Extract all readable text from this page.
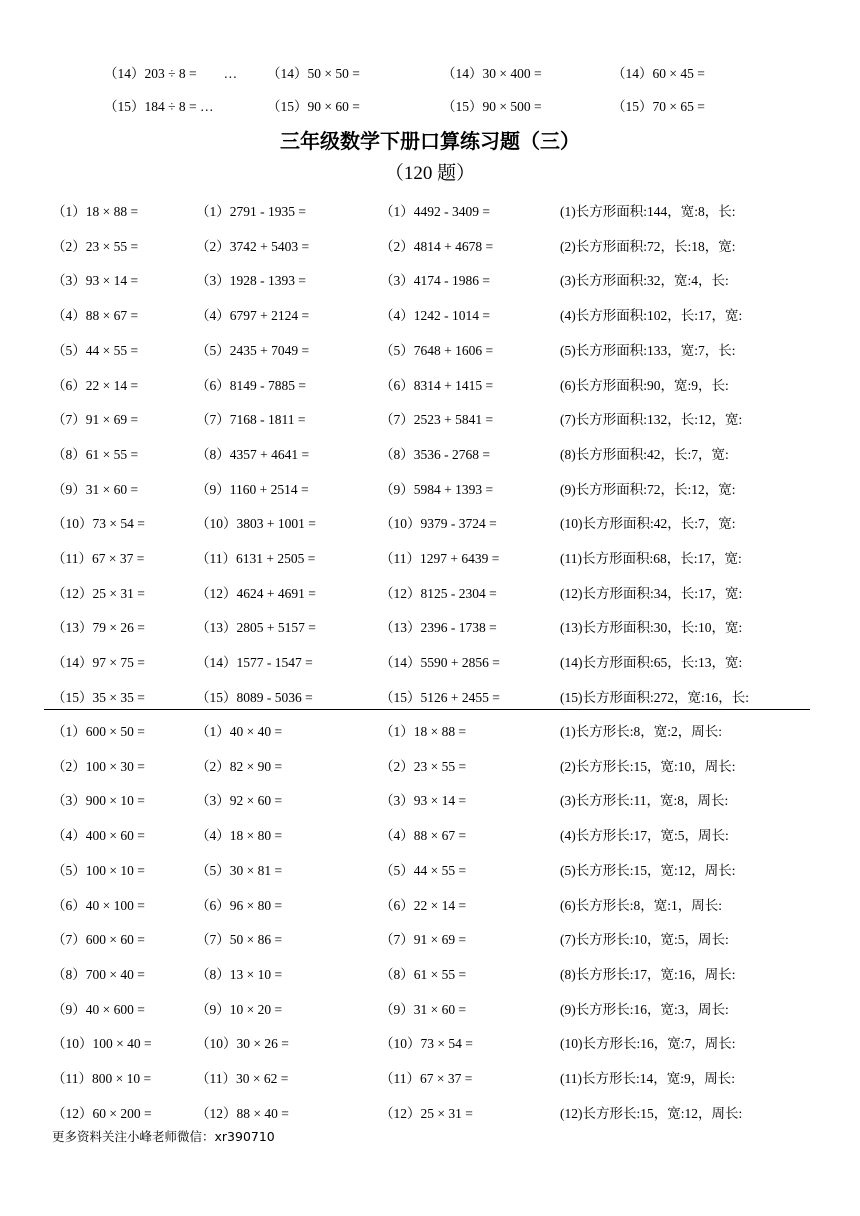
（14）203 ÷ 8 =　　… （14）50 × 50 =	（14）30 × 400 =	（14）60 × 45 =
（15）184 ÷ 8 = …	（15）90 × 60 =	（15）90 × 500 =	（15）70 × 65 =
三年级数学下册口算练习题（三）
（120 题）
（1）18 × 88 =	（1）2791 - 1935 =	（1）4492 - 3409 =	(1)长方形面积:144，宽:8，长:
（2）23 × 55 =	（2）3742 + 5403 =	（2）4814 + 4678 =	(2)长方形面积:72，长:18，宽:
（3）93 × 14 =	（3）1928 - 1393 =	（3）4174 - 1986 =	(3)长方形面积:32，宽:4，长:
（4）88 × 67 =	（4）6797 + 2124 =	（4）1242 - 1014 =	(4)长方形面积:102，长:17，宽:
（5）44 × 55 =	（5）2435 + 7049 =	（5）7648 + 1606 =	(5)长方形面积:133，宽:7，长:
（6）22 × 14 =	（6）8149 - 7885 =	（6）8314 + 1415 =	(6)长方形面积:90，宽:9，长:
（7）91 × 69 =	（7）7168 - 1811 =	（7）2523 + 5841 =	(7)长方形面积:132，长:12，宽:
（8）61 × 55 =	（8）4357 + 4641 =	（8）3536 - 2768 =	(8)长方形面积:42，长:7，宽:
（9）31 × 60 =	（9）1160 + 2514 =	（9）5984 + 1393 =	(9)长方形面积:72，长:12，宽:
（10）73 × 54 =	（10）3803 + 1001 =	（10）9379 - 3724 =	(10)长方形面积:42，长:7，宽:
（11）67 × 37 =	（11）6131 + 2505 =	（11）1297 + 6439 =	(11)长方形面积:68，长:17，宽:
（12）25 × 31 =	（12）4624 + 4691 =	（12）8125 - 2304 =	(12)长方形面积:34，长:17，宽:
（13）79 × 26 =	（13）2805 + 5157 =	（13）2396 - 1738 =	(13)长方形面积:30，长:10，宽:
（14）97 × 75 =	（14）1577 - 1547 =	（14）5590 + 2856 =	(14)长方形面积:65，长:13，宽:
（15）35 × 35 =	（15）8089 - 5036 =	（15）5126 + 2455 =	(15)长方形面积:272，宽:16，长:
（1）600 × 50 =	（1）40 × 40 =	（1）18 × 88 =	(1)长方形长:8，宽:2，周长:
（2）100 × 30 =	（2）82 × 90 =	（2）23 × 55 =	(2)长方形长:15，宽:10，周长:
（3）900 × 10 =	（3）92 × 60 =	（3）93 × 14 =	(3)长方形长:11，宽:8，周长:
（4）400 × 60 =	（4）18 × 80 =	（4）88 × 67 =	(4)长方形长:17，宽:5，周长:
（5）100 × 10 =	（5）30 × 81 =	（5）44 × 55 =	(5)长方形长:15，宽:12，周长:
（6）40 × 100 =	（6）96 × 80 =	（6）22 × 14 =	(6)长方形长:8，宽:1，周长:
（7）600 × 60 =	（7）50 × 86 =	（7）91 × 69 =	(7)长方形长:10，宽:5，周长:
（8）700 × 40 =	（8）13 × 10 =	（8）61 × 55 =	(8)长方形长:17，宽:16，周长:
（9）40 × 600 =	（9）10 × 20 =	（9）31 × 60 =	(9)长方形长:16，宽:3，周长:
（10）100 × 40 =	（10）30 × 26 =	（10）73 × 54 =	(10)长方形长:16，宽:7，周长:
（11）800 × 10 =	（11）30 × 62 =	（11）67 × 37 =	(11)长方形长:14，宽:9，周长:
（12）60 × 200 =	（12）88 × 40 =	（12）25 × 31 =	(12)长方形长:15，宽:12，周长:
更多资料关注小峰老师微信：xr390710
